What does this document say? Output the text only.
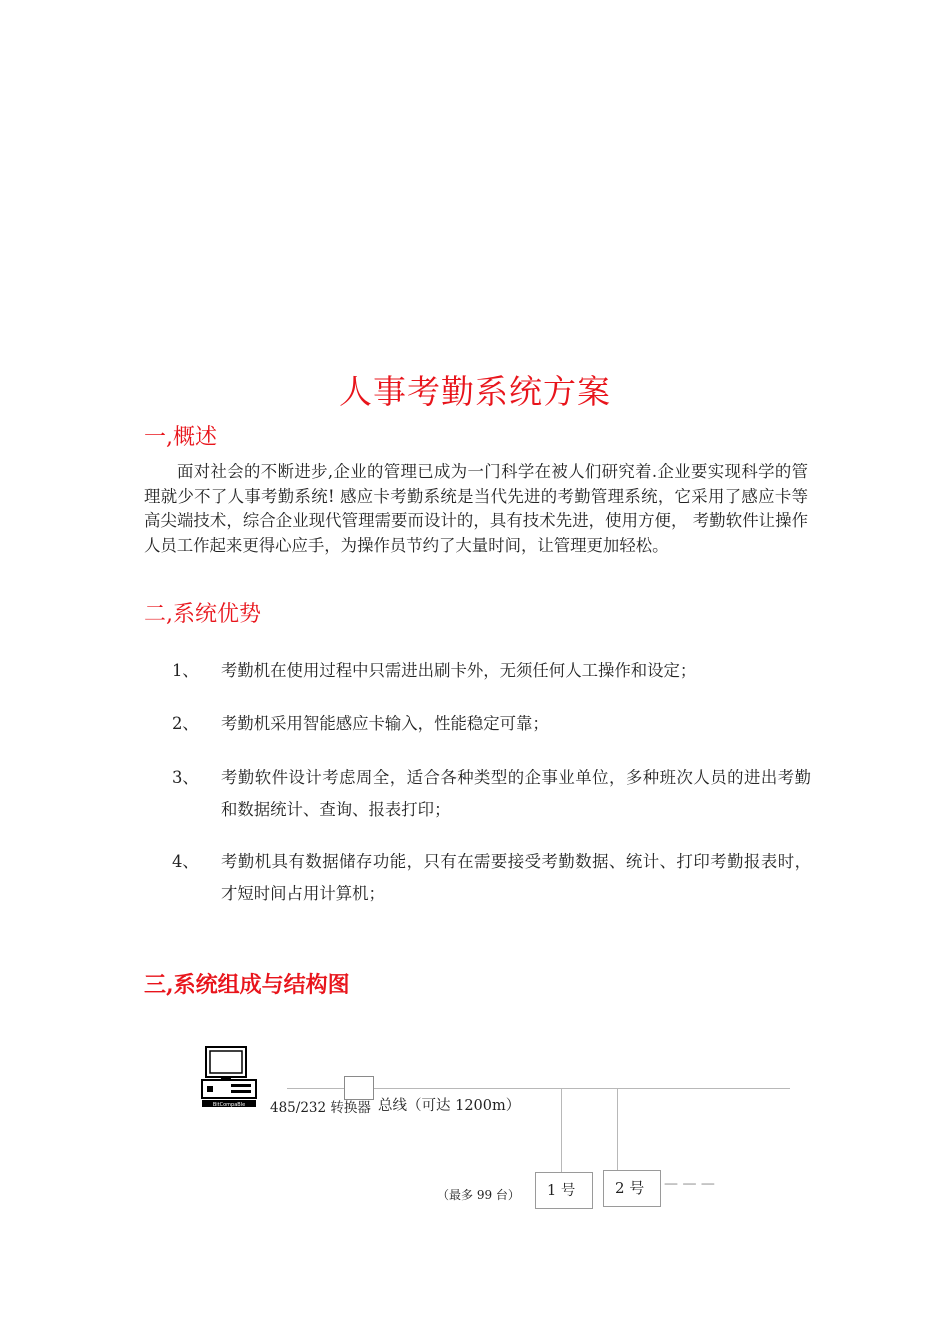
人事考勤系统方案
一,概述

面对社会的不断进步,企业的管理已成为一门科学在被人们研究着.企业要实现科学的管理就少不了人事考勤系统! 感应卡考勤系统是当代先进的考勤管理系统，它采用了感应卡等高尖端技术，综合企业现代管理需要而设计的，具有技术先进，使用方便， 考勤软件让操作人员工作起来更得心应手，为操作员节约了大量时间，让管理更加轻松。

二,系统优势
1、 考勤机在使用过程中只需进出刷卡外，无须任何人工操作和设定；
2、 考勤机采用智能感应卡输入，性能稳定可靠；
3、 考勤软件设计考虑周全，适合各种类型的企事业单位，多种班次人员的进出考勤和数据统计、查询、报表打印；
4、 考勤机具有数据储存功能，只有在需要接受考勤数据、统计、打印考勤报表时，才短时间占用计算机；
三,系统组成与结构图
BitCompaBle 485/232 转换器 总线（可达 1200m）
1 号	2 号
（最多 99 台）
— — —
